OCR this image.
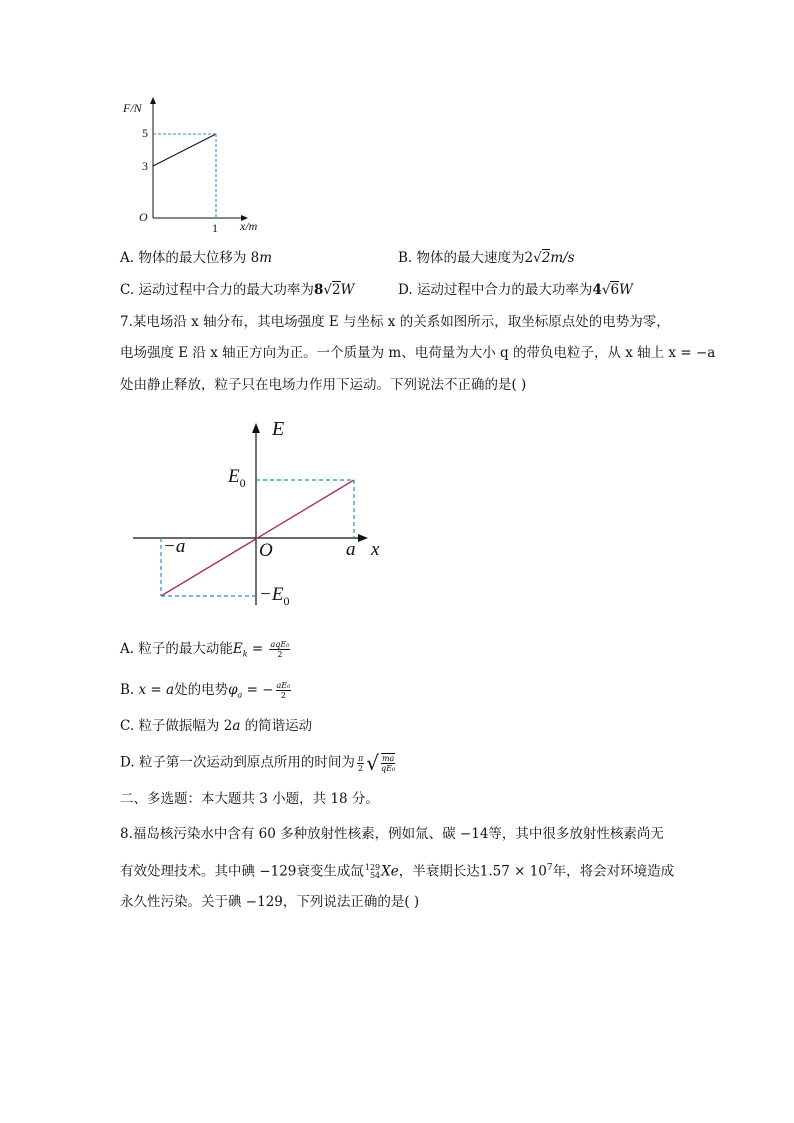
F/N
5
3
O
1 x/m
A. 物体的最大位移为 8m	B. 物体的最大速度为2√2m/s
C. 运动过程中合力的最大功率为8√2W	D. 运动过程中合力的最大功率为4√6W
7.某电场沿 x 轴分布，其电场强度 E 与坐标 x 的关系如图所示，取坐标原点处的电势为零，
电场强度 E 沿 x 轴正方向为正。一个质量为 m、电荷量为大小 q 的带负电粒子，从 x 轴上 x = −a
处由静止释放，粒子只在电场力作用下运动。下列说法不正确的是( )
E
$E_0$
−a	O	a x
$-E_0$
A. 粒子的最大动能$E_k = \frac{\text{aqE₀}}{2}$
B. x = a处的电势$\varphi_a$ = − $\frac{\text{aE₀}}{2}$
C. 粒子做振幅为 2a 的简谐运动
D. 粒子第一次运动到原点所用的时间为 $\frac{\pi}{2}$ √ $\frac{ma}{\text{qE₀}}$
二、多选题：本大题共 3 小题，共 18 分。
8.福岛核污染水中含有 60 多种放射性核素，例如氚、碳 −14等，其中很多放射性核素尚无
有效处理技术。其中碘 −129衰变生成氙 129
54 Xe，半衰期长达$1.57 \times 10^7$年，将会对环境造成
永久性污染。关于碘 −129，下列说法正确的是( )
